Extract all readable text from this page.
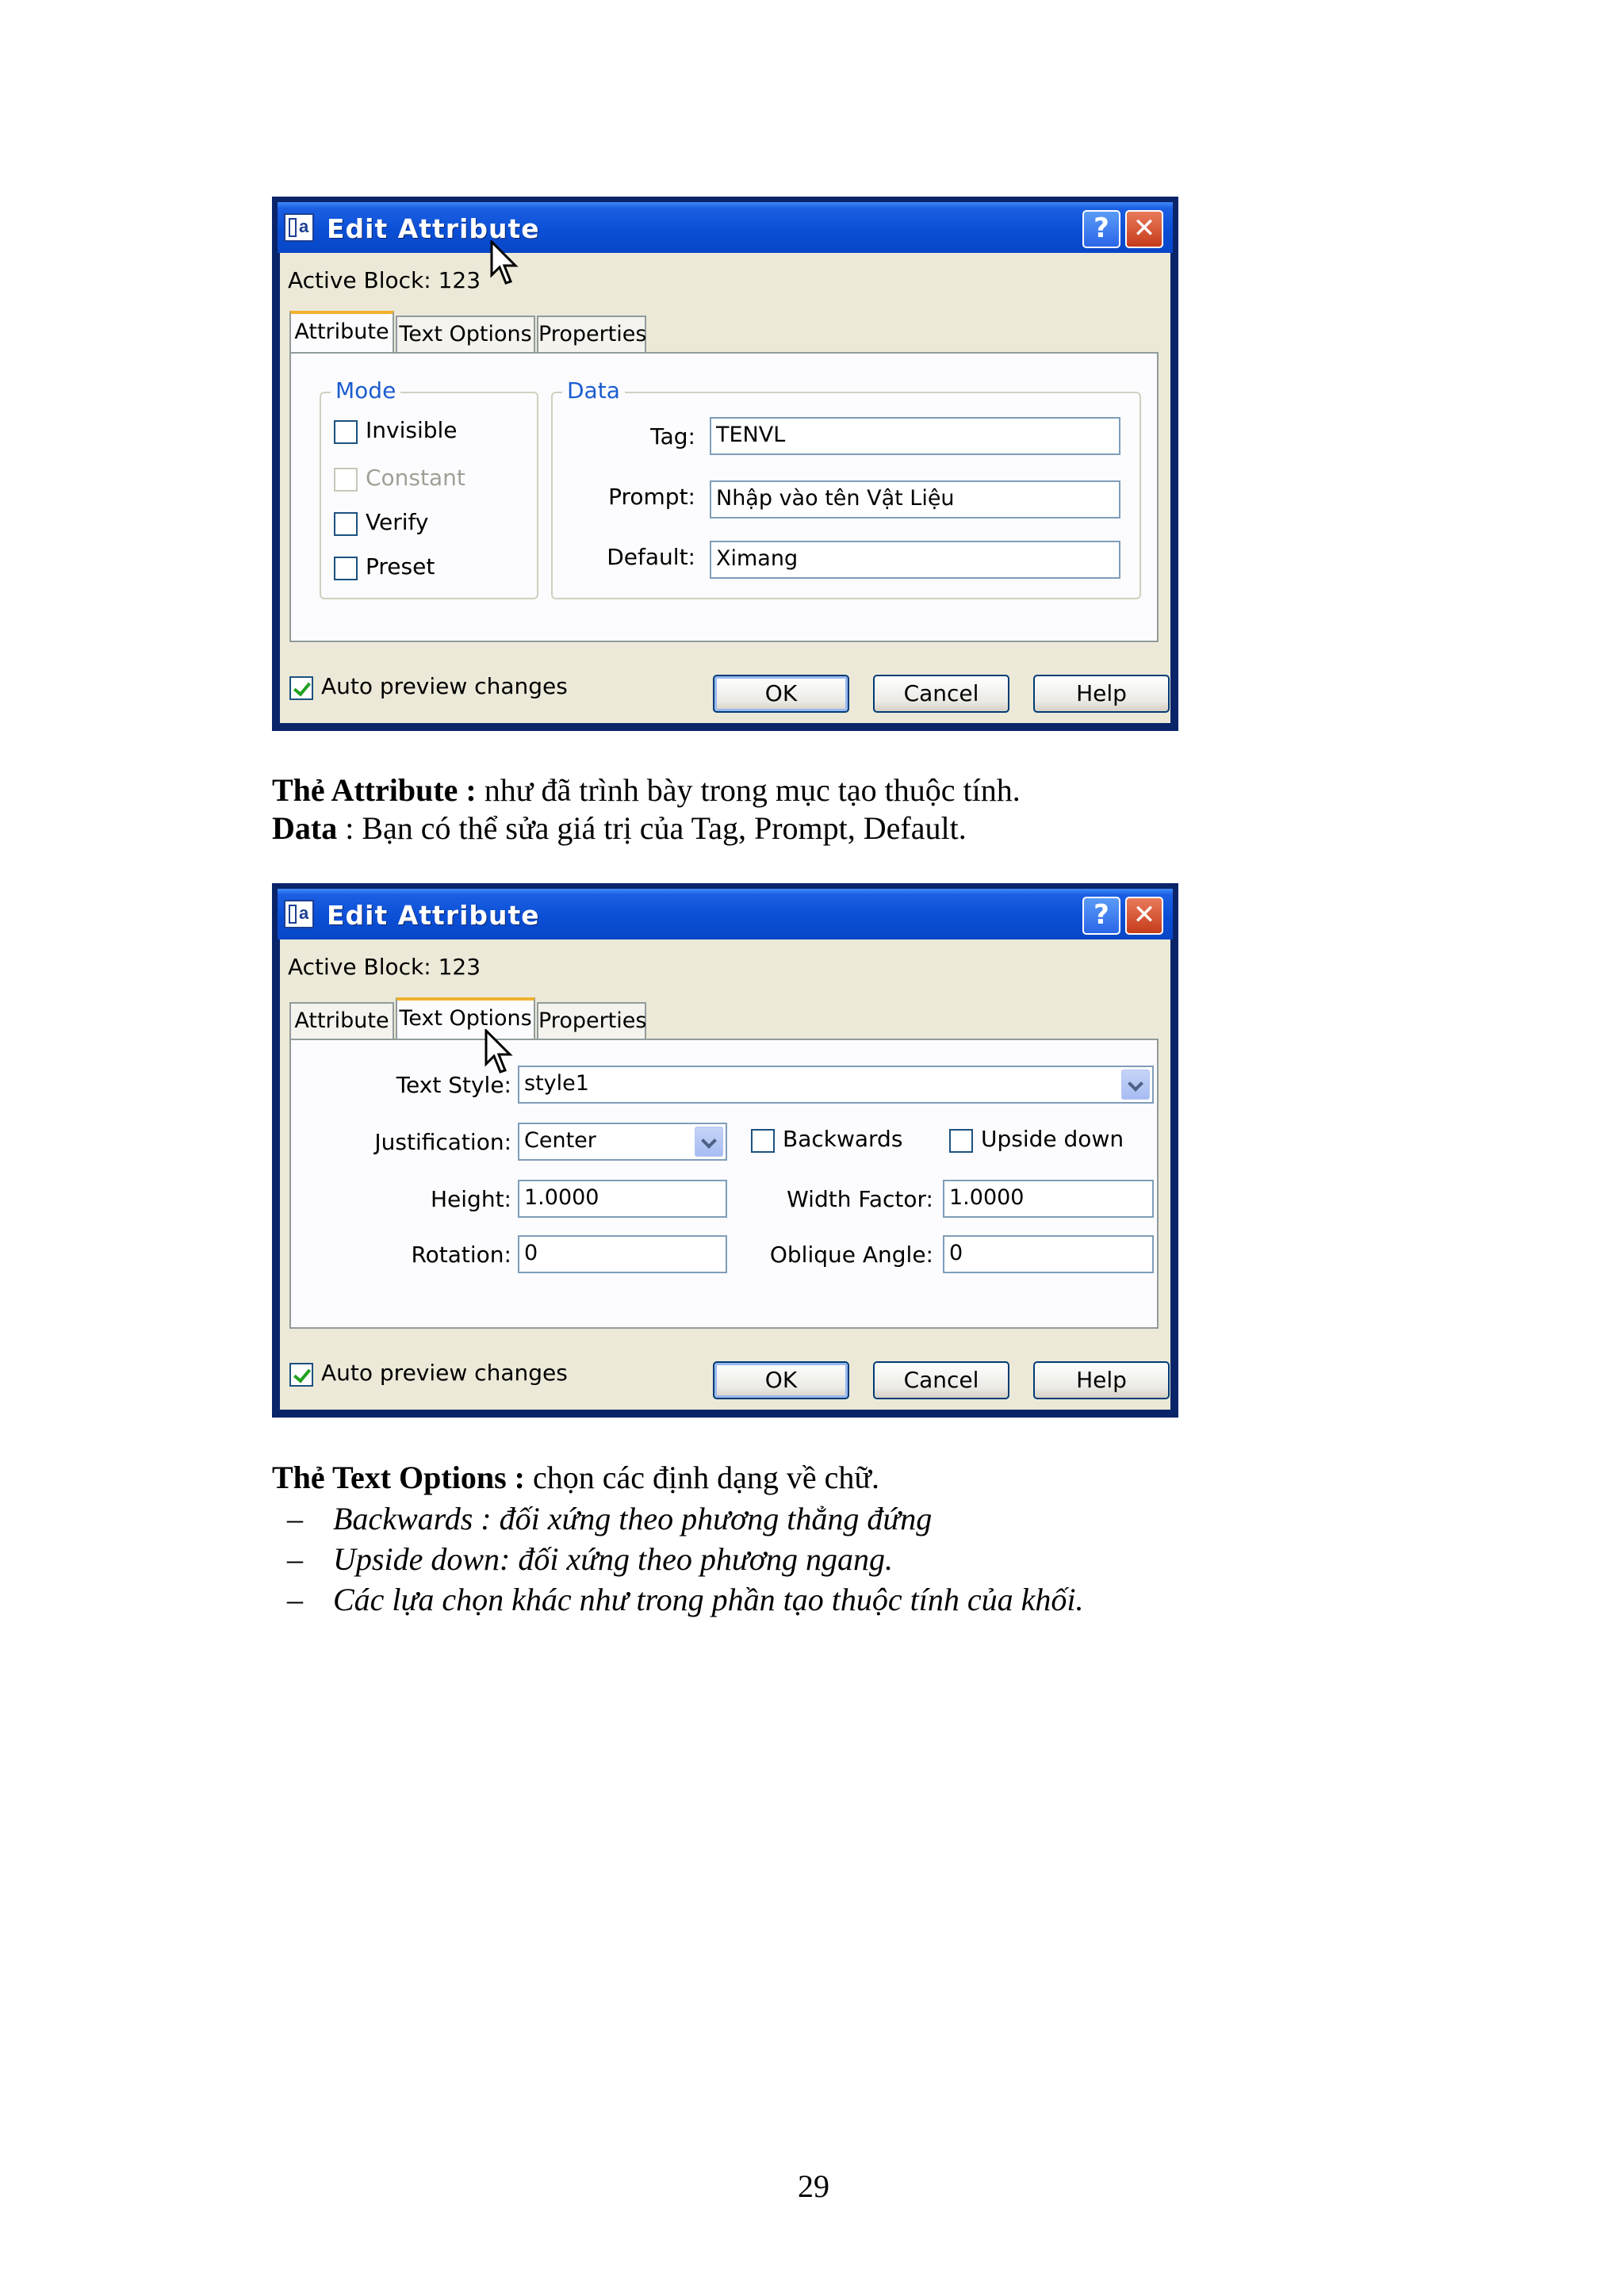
a
Edit Attribute	? ✕
Active Block: 123
Attribute Text Options Properties
Mode
Invisible
Constant
Verify
Preset
Data
Tag: TENVL
Prompt: Nhập vào tên Vật Liệu
Default: Ximang
Auto preview changes	OK	Cancel	Help
Thẻ Attribute : như đã trình bày trong mục tạo thuộc tính.
Data : Bạn có thể sửa giá trị của Tag, Prompt, Default.
a
Edit Attribute	? ✕
Active Block: 123
Attribute Text Options Properties
Text Style: style1
Justification: Center	Backwards	Upside down
Height: 1.0000	Width Factor: 1.0000
Rotation: 0	Oblique Angle: 0
Auto preview changes	OK	Cancel	Help
Thẻ Text Options : chọn các định dạng về chữ.
– Backwards : đối xứng theo phương thẳng đứng
– Upside down: đối xứng theo phương ngang.
– Các lựa chọn khác như trong phần tạo thuộc tính của khối.
29
